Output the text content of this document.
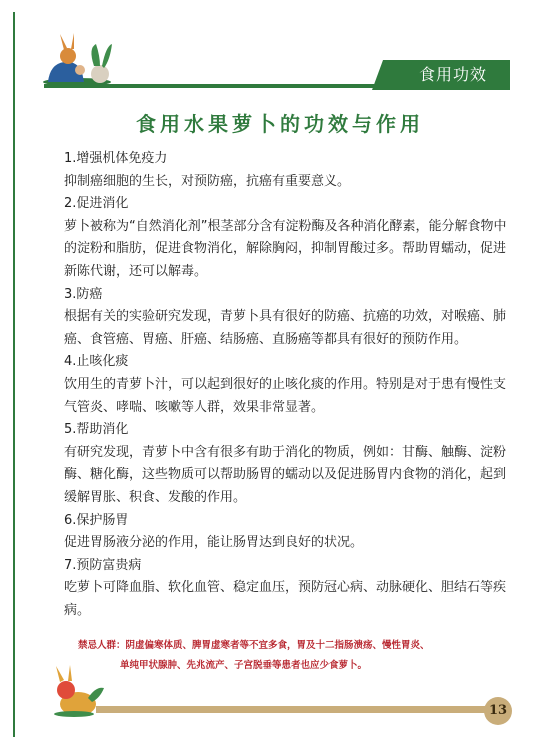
食用功效
食用水果萝卜的功效与作用

1.增强机体免疫力

抑制癌细胞的生长，对预防癌，抗癌有重要意义。

2.促进消化

萝卜被称为“自然消化剂”根茎部分含有淀粉酶及各种消化酵素，能分解食物中的淀粉和脂肪，促进食物消化，解除胸闷，抑制胃酸过多。帮助胃蠕动，促进新陈代谢，还可以解毒。

3.防癌

根据有关的实验研究发现，青萝卜具有很好的防癌、抗癌的功效，对喉癌、肺癌、食管癌、胃癌、肝癌、结肠癌、直肠癌等都具有很好的预防作用。

4.止咳化痰

饮用生的青萝卜汁，可以起到很好的止咳化痰的作用。特别是对于患有慢性支气管炎、哮喘、咳嗽等人群，效果非常显著。

5.帮助消化

有研究发现，青萝卜中含有很多有助于消化的物质，例如：甘酶、触酶、淀粉酶、糖化酶，这些物质可以帮助肠胃的蠕动以及促进肠胃内食物的消化，起到缓解胃胀、积食、发酸的作用。

6.保护肠胃

促进胃肠液分泌的作用，能让肠胃达到良好的状况。

7.预防富贵病

吃萝卜可降血脂、软化血管、稳定血压，预防冠心病、动脉硬化、胆结石等疾病。

禁忌人群：阴虚偏寒体质、脾胃虚寒者等不宜多食，胃及十二指肠溃疡、慢性胃炎、
单纯甲状腺肿、先兆流产、子宫脱垂等患者也应少食萝卜。
13
